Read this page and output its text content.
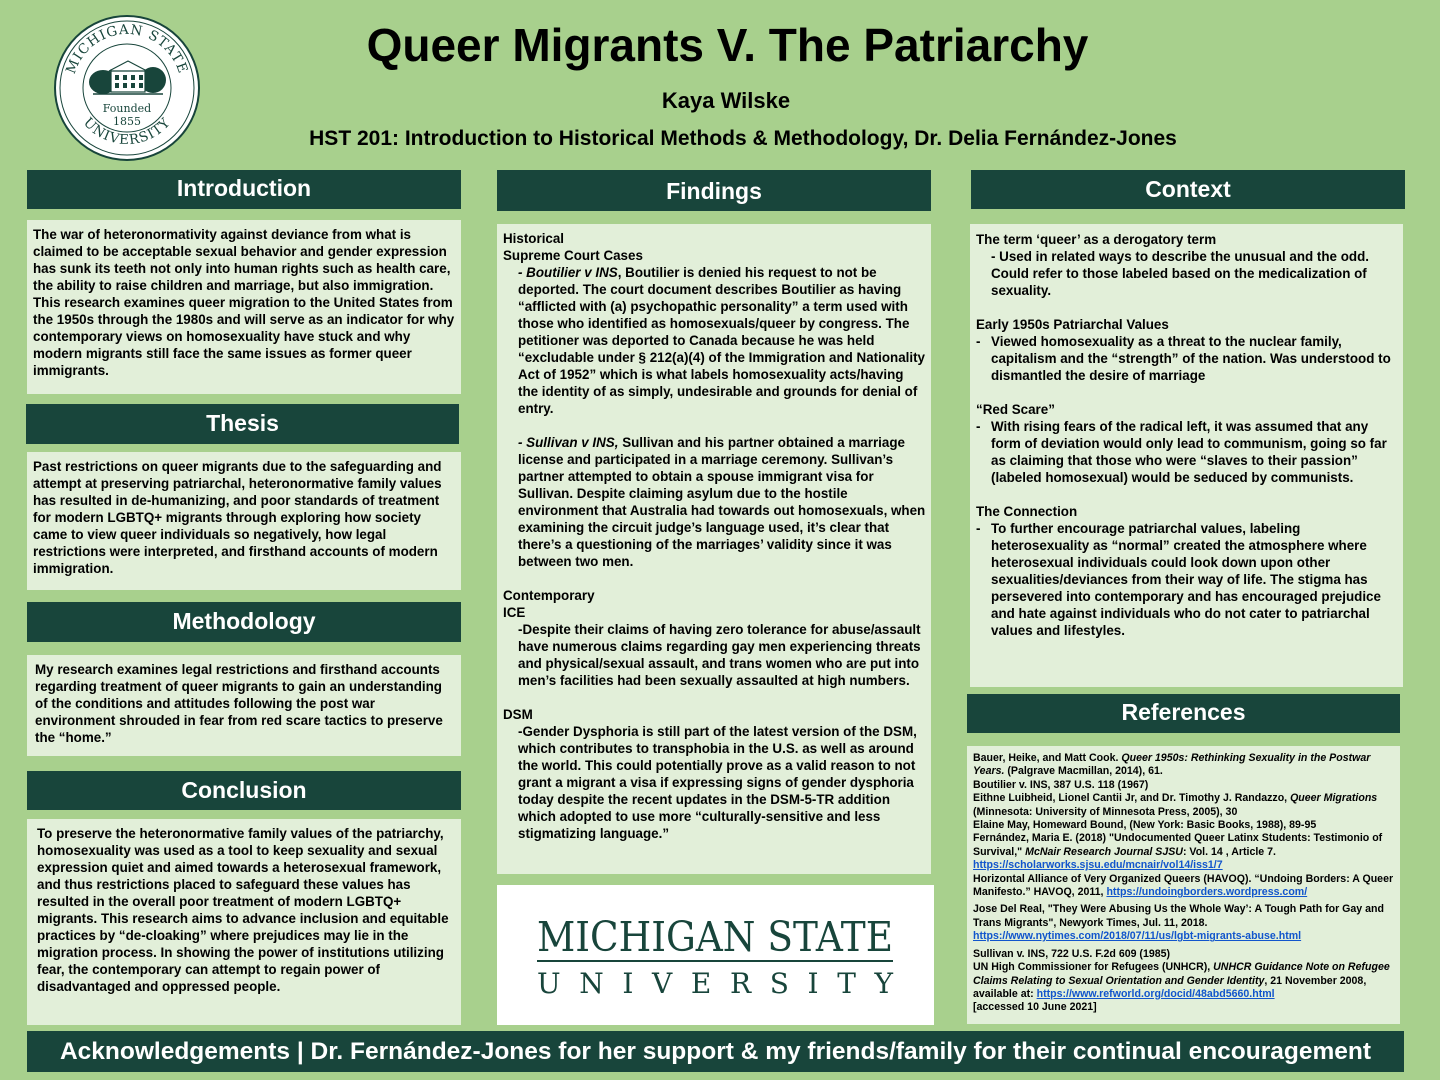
MICHIGAN STATE
UNIVERSITY
Founded
1855
Queer Migrants V. The Patriarchy
Kaya Wilske
HST 201: Introduction to Historical Methods & Methodology, Dr. Delia Fernández-Jones
Introduction

The war of heteronormativity against deviance from what is claimed to be acceptable sexual behavior and gender expression has sunk its teeth not only into human rights such as health care, the ability to raise children and marriage, but also immigration. This research examines queer migration to the United States from the 1950s through the 1980s and will serve as an indicator for why contemporary views on homosexuality have stuck and why modern migrants still face the same issues as former queer immigrants.

Thesis

Past restrictions on queer migrants due to the safeguarding and attempt at preserving patriarchal, heteronormative family values has resulted in de-humanizing, and poor standards of treatment for modern LGBTQ+ migrants through exploring how society came to view queer individuals so negatively, how legal restrictions were interpreted, and firsthand accounts of modern immigration.

Methodology

My research examines legal restrictions and firsthand accounts regarding treatment of queer migrants to gain an understanding of the conditions and attitudes following the post war environment shrouded in fear from red scare tactics to preserve the “home.”

Conclusion

To preserve the heteronormative family values of the patriarchy, homosexuality was used as a tool to keep sexuality and sexual expression quiet and aimed towards a heterosexual framework, and thus restrictions placed to safeguard these values has resulted in the overall poor treatment of modern LGBTQ+ migrants. This research aims to advance inclusion and equitable practices by “de-cloaking” where prejudices may lie in the migration process. In showing the power of institutions utilizing fear, the contemporary can attempt to regain power of disadvantaged and oppressed people.

Findings

Historical

Supreme Court Cases

- Boutilier v INS, Boutilier is denied his request to not be deported. The court document describes Boutilier as having “afflicted with (a) psychopathic personality” a term used with those who identified as homosexuals/queer by congress. The petitioner was deported to Canada because he was held “excludable under § 212(a)(4) of the Immigration and Nationality Act of 1952” which is what labels homosexuality acts/having the identity of as simply, undesirable and grounds for denial of entry.

- Sullivan v INS, Sullivan and his partner obtained a marriage license and participated in a marriage ceremony. Sullivan’s partner attempted to obtain a spouse immigrant visa for Sullivan. Despite claiming asylum due to the hostile environment that Australia had towards out homosexuals, when examining the circuit judge’s language used, it’s clear that there’s a questioning of the marriages’ validity since it was between two men.

Contemporary

ICE

-Despite their claims of having zero tolerance for abuse/assault have numerous claims regarding gay men experiencing threats and physical/sexual assault, and trans women who are put into men’s facilities had been sexually assaulted at high numbers.

DSM

-Gender Dysphoria is still part of the latest version of the DSM, which contributes to transphobia in the U.S. as well as around the world. This could potentially prove as a valid reason to not grant a migrant a visa if expressing signs of gender dysphoria today despite the recent updates in the DSM-5-TR addition which adopted to use more “culturally-sensitive and less stigmatizing language.”

MICHIGAN STATE
UNIVERSITY
Context

The term ‘queer’ as a derogatory term

- Used in related ways to describe the unusual and the odd. Could refer to those labeled based on the medicalization of sexuality.

Early 1950s Patriarchal Values

- Viewed homosexuality as a threat to the nuclear family, capitalism and the “strength” of the nation. Was understood to dismantled the desire of marriage

“Red Scare”

- With rising fears of the radical left, it was assumed that any form of deviation would only lead to communism, going so far as claiming that those who were “slaves to their passion” (labeled homosexual) would be seduced by communists.

The Connection

- To further encourage patriarchal values, labeling heterosexuality as “normal” created the atmosphere where heterosexual individuals could look down upon other sexualities/deviances from their way of life. The stigma has persevered into contemporary and has encouraged prejudice and hate against individuals who do not cater to patriarchal values and lifestyles.
References

Bauer, Heike, and Matt Cook. Queer 1950s: Rethinking Sexuality in the Postwar Years. (Palgrave Macmillan, 2014), 61.

Boutilier v. INS, 387 U.S. 118 (1967)

Eithne Luibheid, Lionel Cantii Jr, and Dr. Timothy J. Randazzo, Queer Migrations (Minnesota: University of Minnesota Press, 2005), 30

Elaine May, Homeward Bound, (New York: Basic Books, 1988), 89-95

Fernández, Maria E. (2018) "Undocumented Queer Latinx Students: Testimonio of Survival," McNair Research Journal SJSU: Vol. 14 , Article 7.
https://scholarworks.sjsu.edu/mcnair/vol14/iss1/7

Horizontal Alliance of Very Organized Queers (HAVOQ). “Undoing Borders: A Queer Manifesto.” HAVOQ, 2011, https://undoingborders.wordpress.com/

Jose Del Real, "They Were Abusing Us the Whole Way’: A Tough Path for Gay and Trans Migrants", Newyork Times, Jul. 11, 2018.
https://www.nytimes.com/2018/07/11/us/lgbt-migrants-abuse.html

Sullivan v. INS, 722 U.S. F.2d 609 (1985)

UN High Commissioner for Refugees (UNHCR), UNHCR Guidance Note on Refugee Claims Relating to Sexual Orientation and Gender Identity, 21 November 2008, available at: https://www.refworld.org/docid/48abd5660.html
[accessed 10 June 2021]

Acknowledgements | Dr. Fernández-Jones for her support & my friends/family for their continual encouragement
